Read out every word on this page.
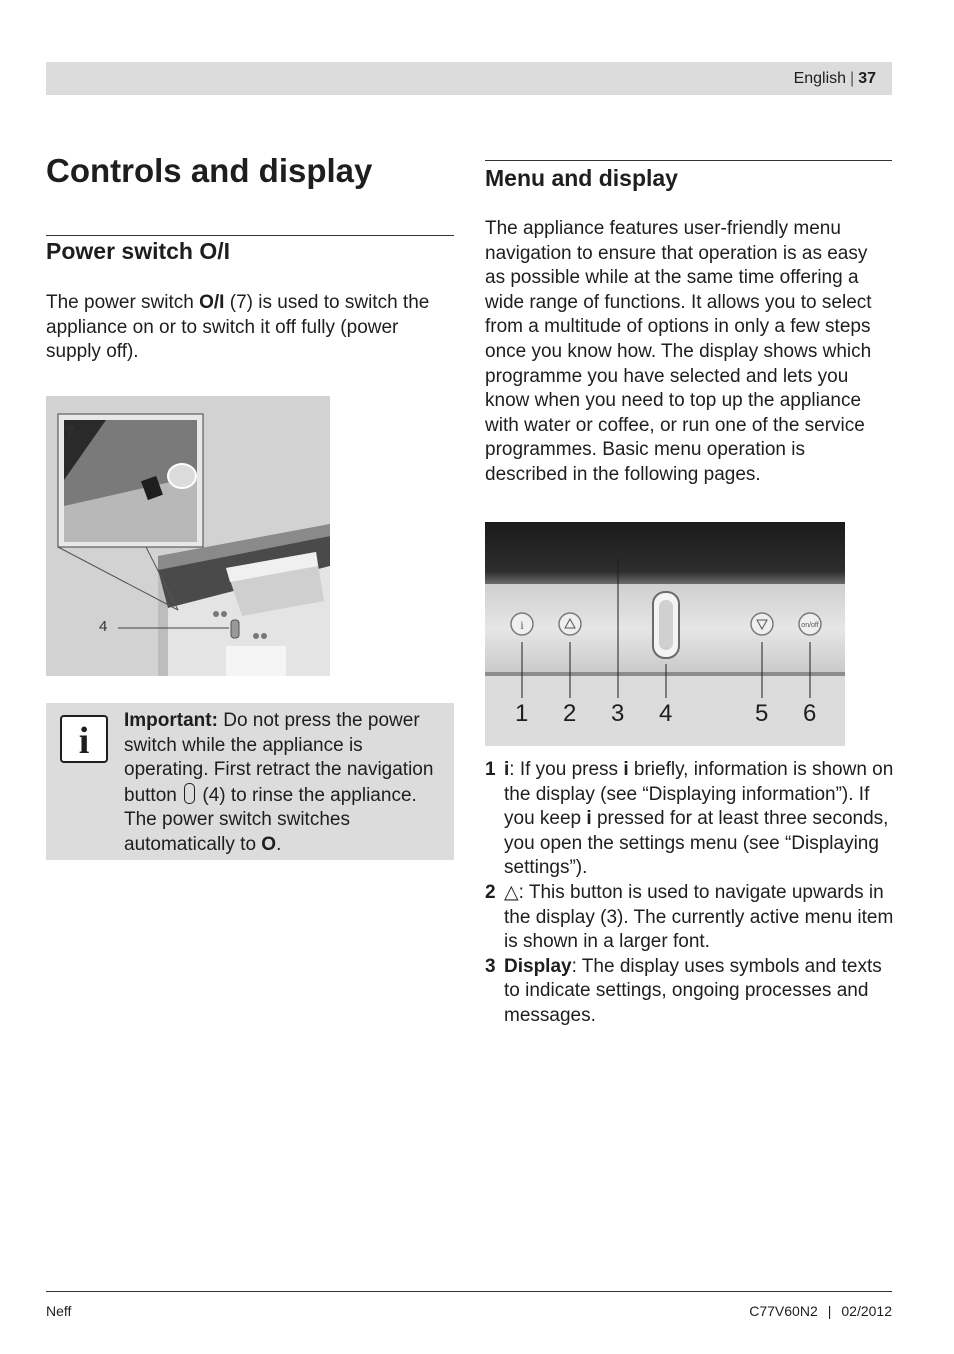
English | 37
Controls and display
Power switch O/I

The power switch O/I (7) is used to switch the appliance on or to switch it off fully (power supply off).

7
4
i	Important: Do not press the power switch while the appliance is operating. First retract the navigation button  (4) to rinse the appliance. The power switch switches automatically to O.

Menu and display

The appliance features user-friendly menu navigation to ensure that operation is as easy as possible while at the same time offering a wide range of functions. It allows you to select from a multitude of options in only a few steps once you know how. The display shows which programme you have selected and lets you know when you need to top up the appliance with water or coffee, or run one of the service programmes. Basic menu operation is described in the following pages.

i	on/off
1 2 3 4	5 6
1 i: If you press i briefly, information is shown on the display (see “Displaying information”). If you keep i pressed for at least three seconds, you open the settings menu (see “Displaying settings”).
2 △: This button is used to navigate upwards in the display (3). The currently active menu item is shown in a larger font.
3 Display: The display uses symbols and texts to indicate settings, ongoing processes and messages.
Neff	C77V60N2 | 02/2012
